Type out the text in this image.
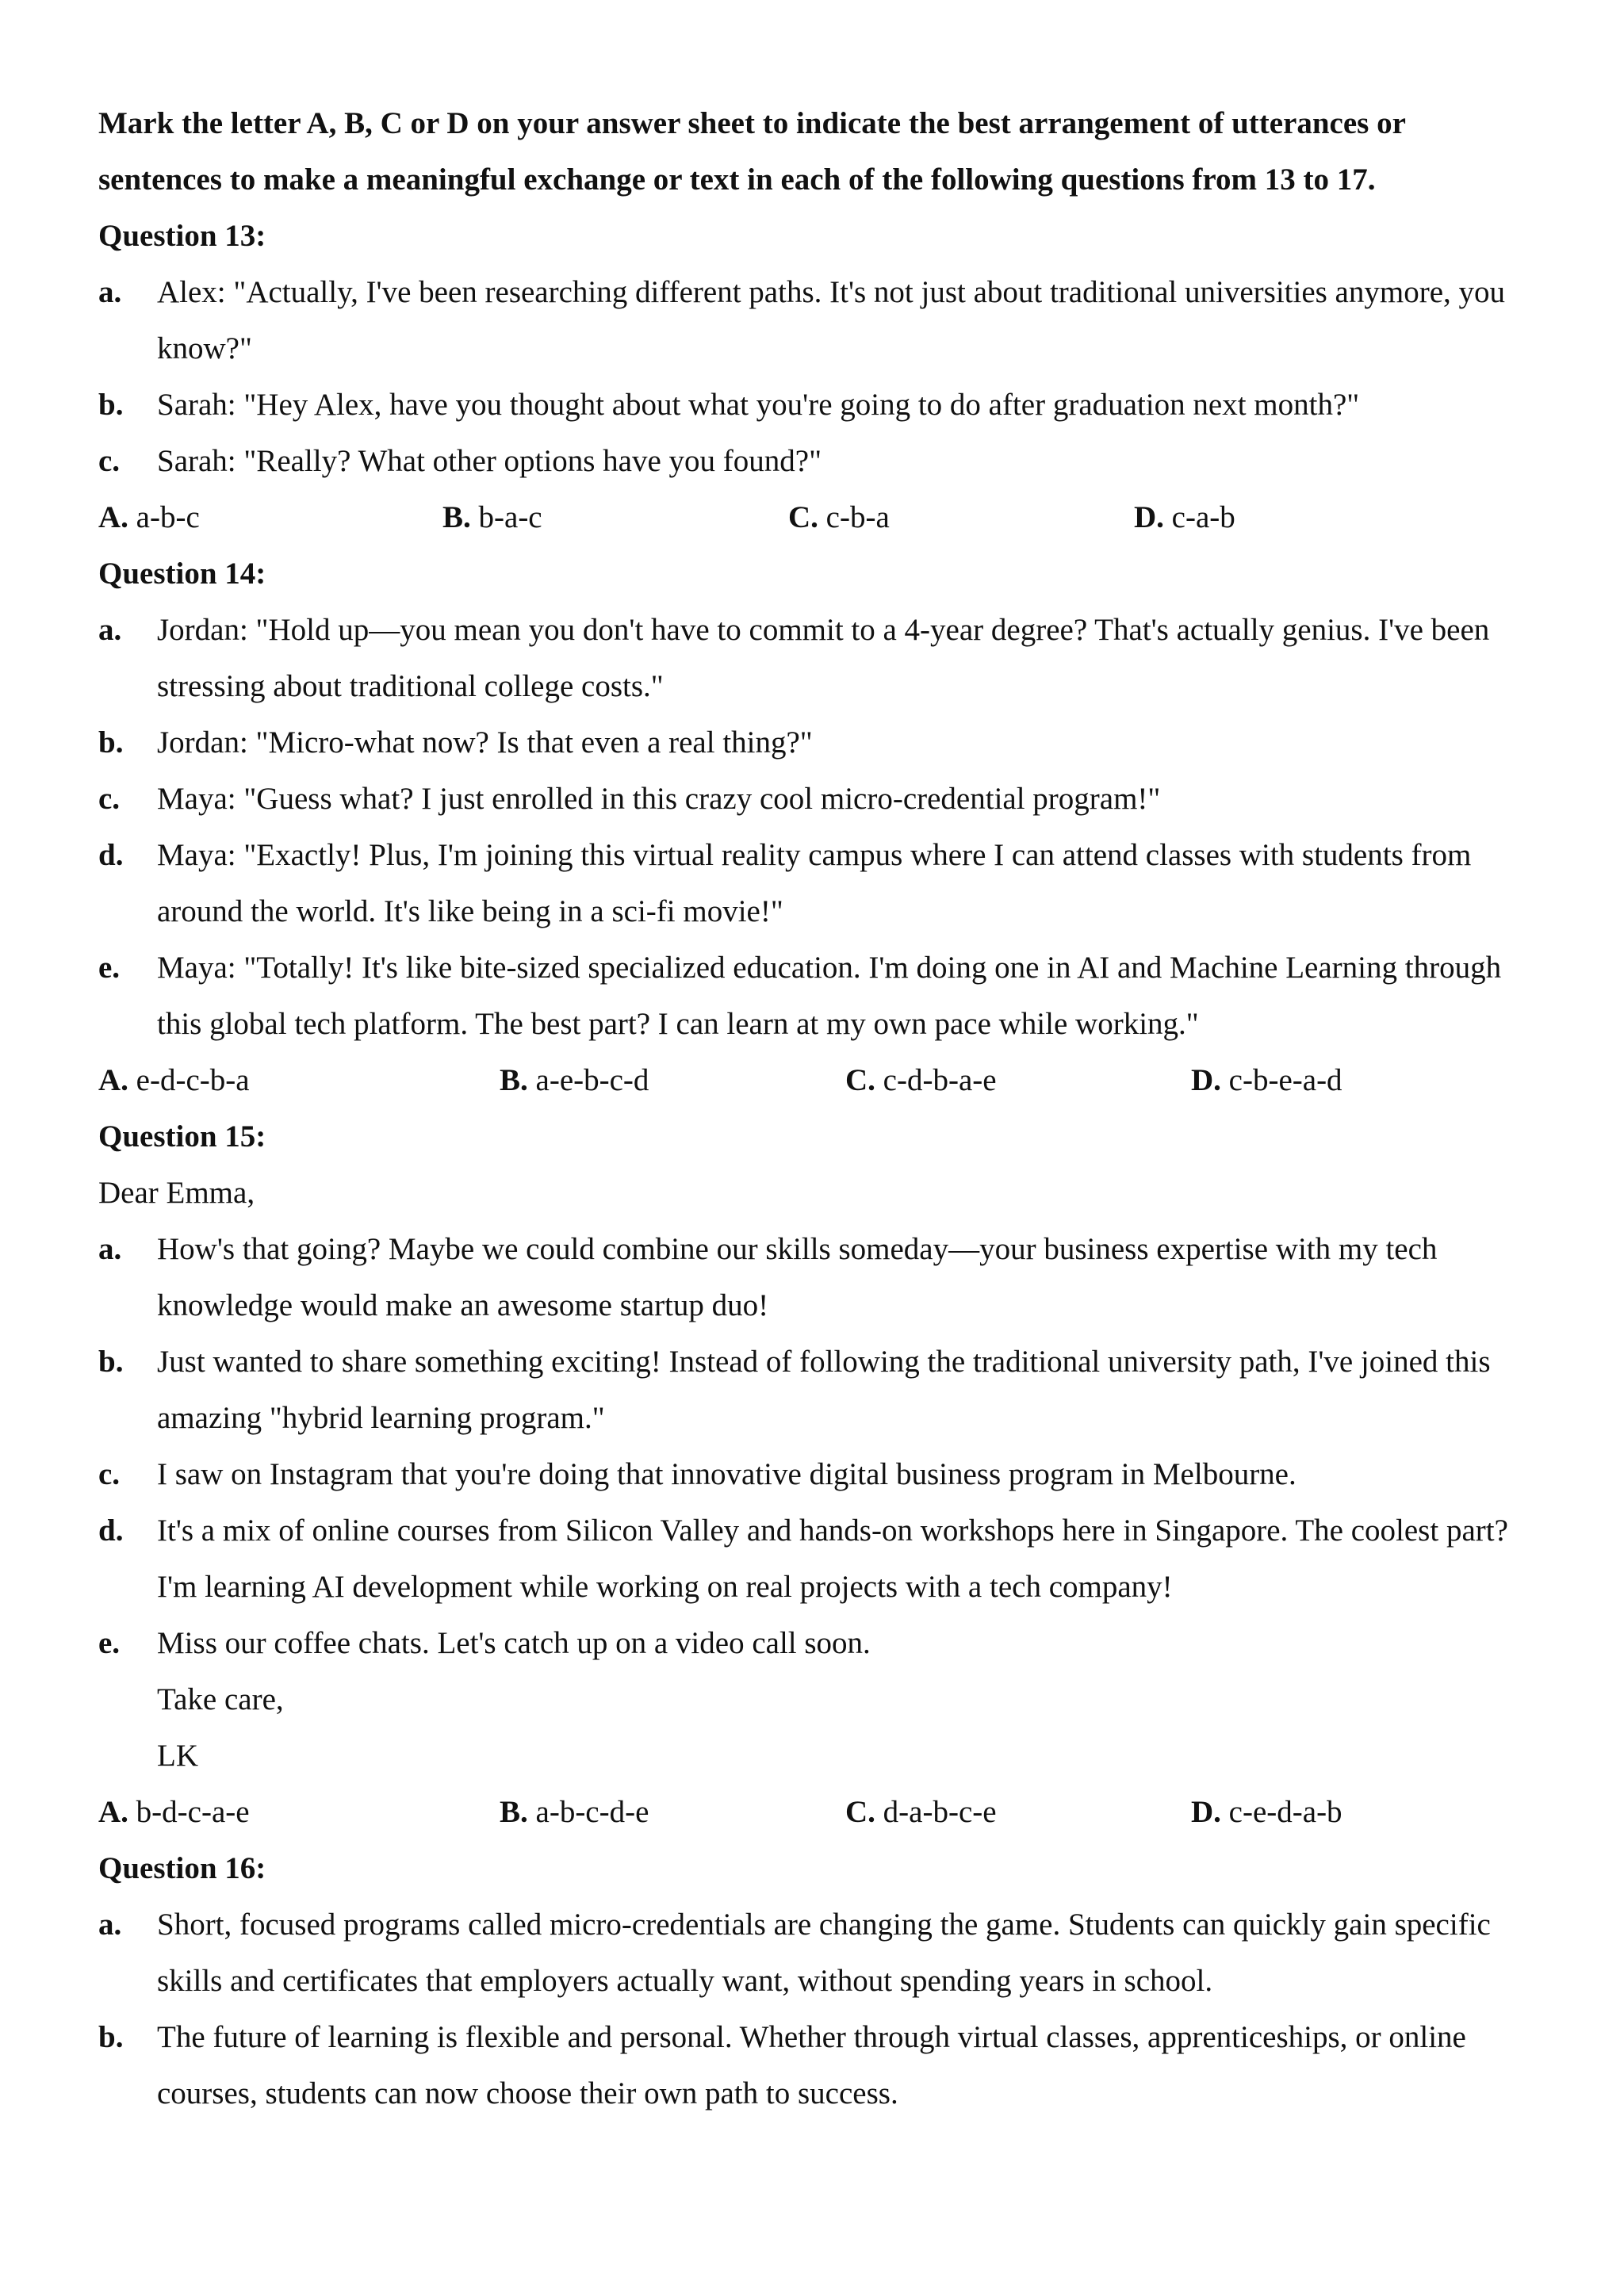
Mark the letter A, B, C or D on your answer sheet to indicate the best arrangement of utterances or
sentences to make a meaningful exchange or text in each of the following questions from 13 to 17.
Question 13:
a.	Alex: "Actually, I've been researching different paths. It's not just about traditional universities anymore, you know?"
b.	Sarah: "Hey Alex, have you thought about what you're going to do after graduation next month?"
c.	Sarah: "Really? What other options have you found?"
A. a-b-c	B. b-a-c	C. c-b-a	D. c-a-b
Question 14:
a.	Jordan: "Hold up—you mean you don't have to commit to a 4-year degree? That's actually genius. I've been stressing about traditional college costs."
b.	Jordan: "Micro-what now? Is that even a real thing?"
c.	Maya: "Guess what? I just enrolled in this crazy cool micro-credential program!"
d.	Maya: "Exactly! Plus, I'm joining this virtual reality campus where I can attend classes with students from around the world. It's like being in a sci-fi movie!"
e.	Maya: "Totally! It's like bite-sized specialized education. I'm doing one in AI and Machine Learning through this global tech platform. The best part? I can learn at my own pace while working."
A. e-d-c-b-a	B. a-e-b-c-d	C. c-d-b-a-e	D. c-b-e-a-d
Question 15:
Dear Emma,
a.	How's that going? Maybe we could combine our skills someday—your business expertise with my tech knowledge would make an awesome startup duo!
b.	Just wanted to share something exciting! Instead of following the traditional university path, I've joined this amazing "hybrid learning program."
c.	I saw on Instagram that you're doing that innovative digital business program in Melbourne.
d.	It's a mix of online courses from Silicon Valley and hands-on workshops here in Singapore. The coolest part? I'm learning AI development while working on real projects with a tech company!
e.	Miss our coffee chats. Let's catch up on a video call soon.
Take care,
LK
A. b-d-c-a-e	B. a-b-c-d-e	C. d-a-b-c-e	D. c-e-d-a-b
Question 16:
a.	Short, focused programs called micro-credentials are changing the game. Students can quickly gain specific skills and certificates that employers actually want, without spending years in school.
b.	The future of learning is flexible and personal. Whether through virtual classes, apprenticeships, or online courses, students can now choose their own path to success.
